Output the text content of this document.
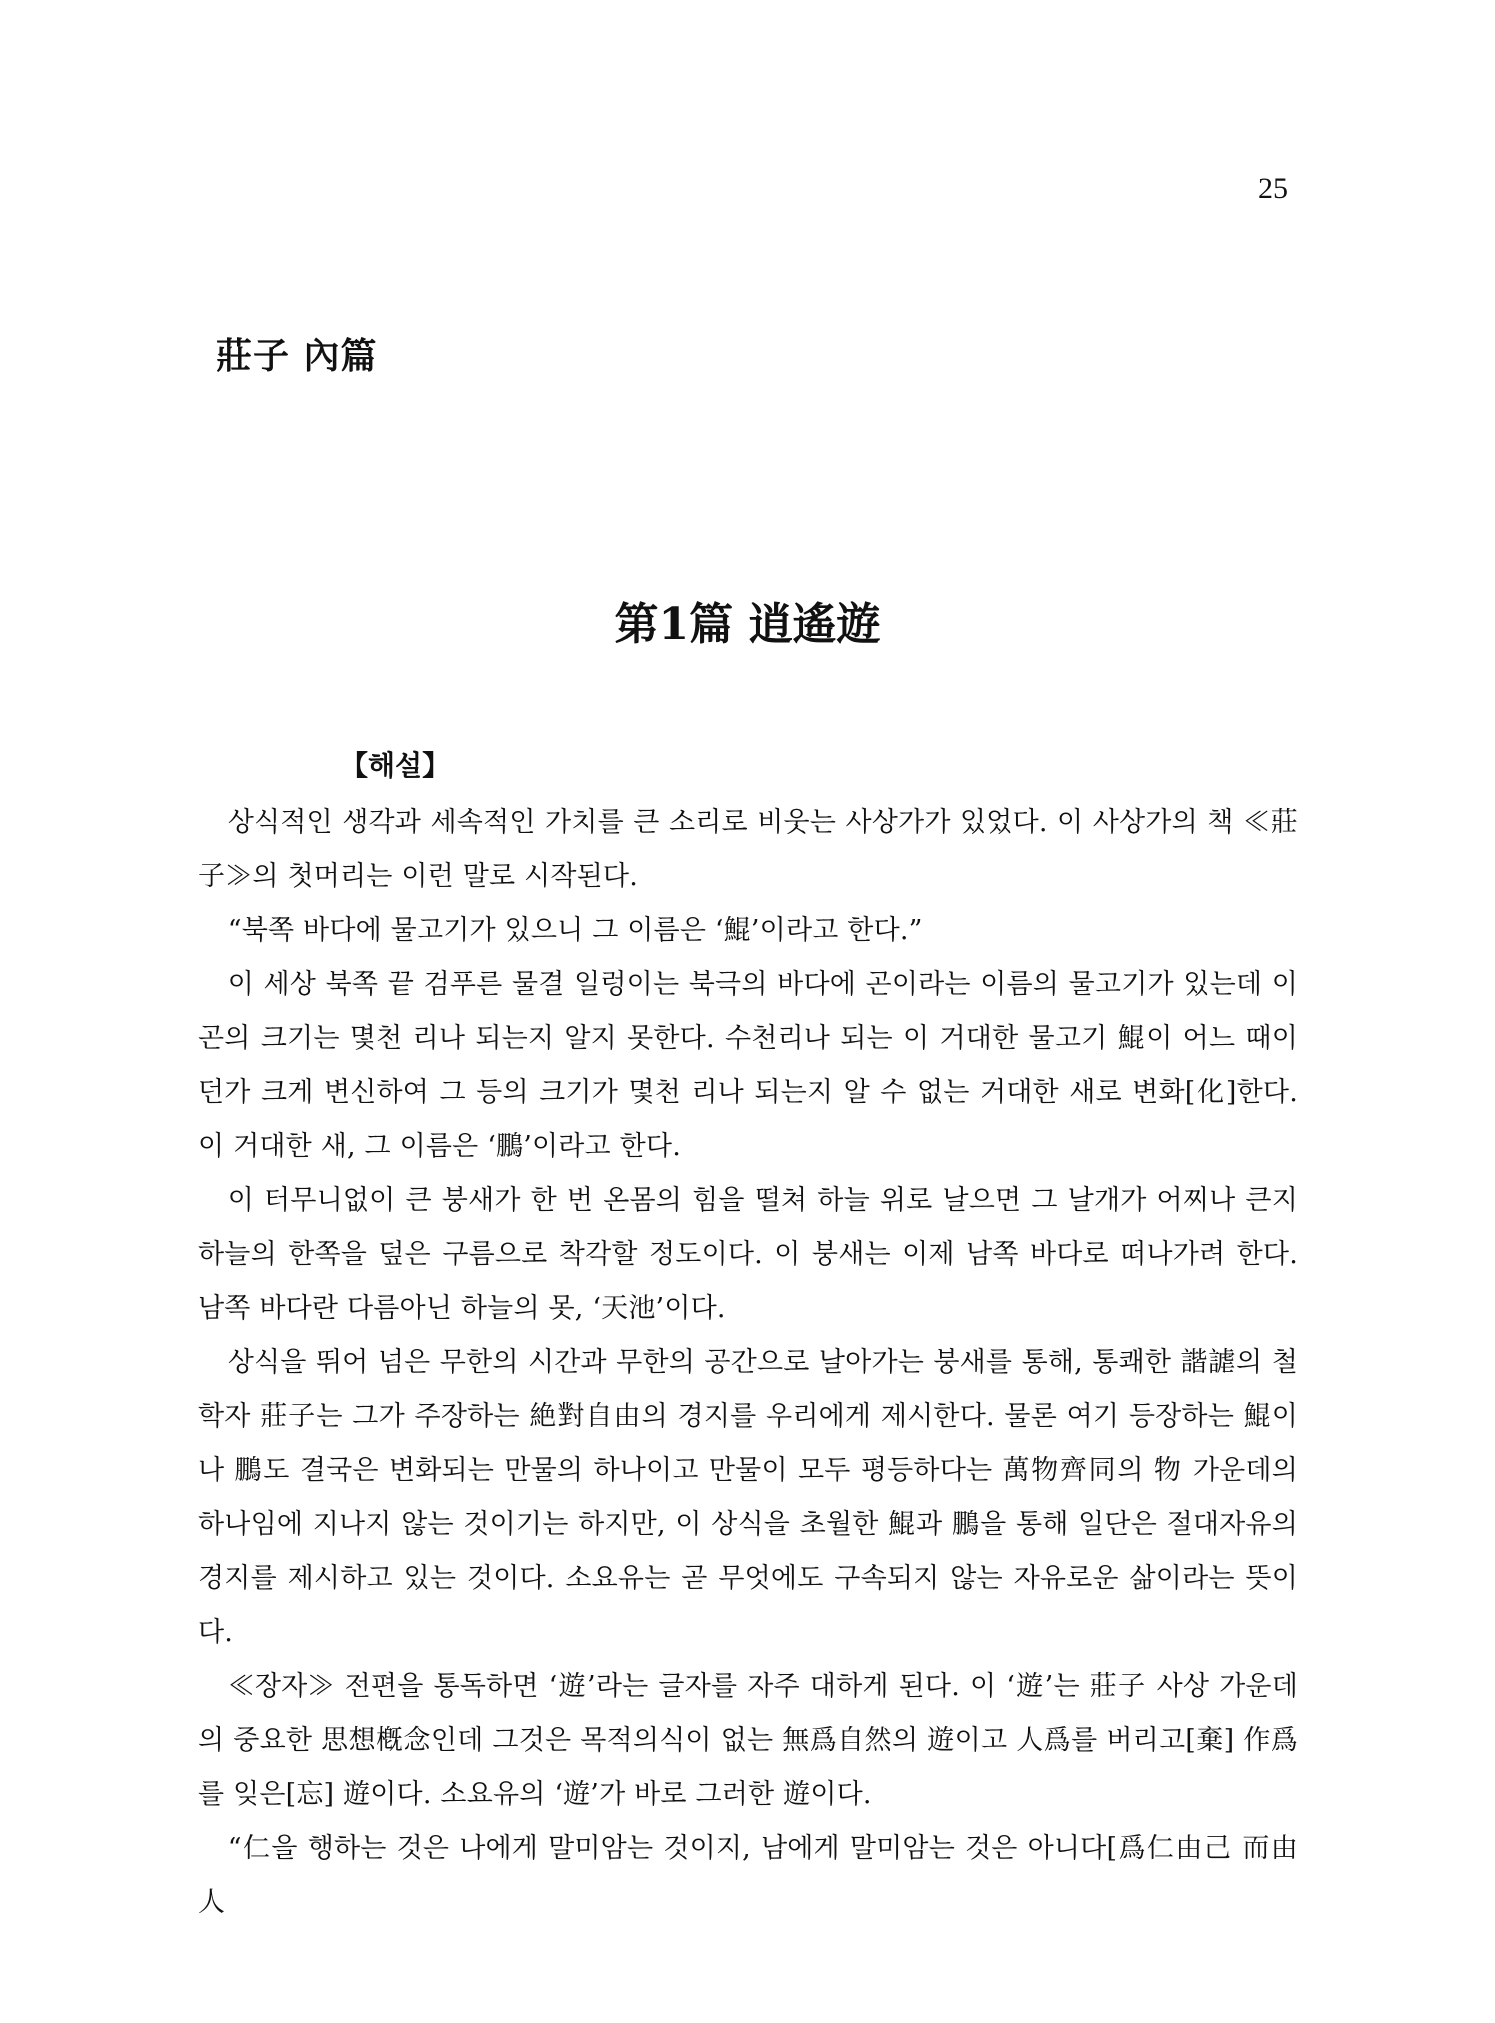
25
莊子 內篇
第1篇 逍遙遊
【해설】

상식적인 생각과 세속적인 가치를 큰 소리로 비웃는 사상가가 있었다. 이 사상가의 책 ≪莊子≫의 첫머리는 이런 말로 시작된다.

“북쪽 바다에 물고기가 있으니 그 이름은 ‘鯤’이라고 한다.”

이 세상 북쪽 끝 검푸른 물결 일렁이는 북극의 바다에 곤이라는 이름의 물고기가 있는데 이 곤의 크기는 몇천 리나 되는지 알지 못한다. 수천리나 되는 이 거대한 물고기 鯤이 어느 때이던가 크게 변신하여 그 등의 크기가 몇천 리나 되는지 알 수 없는 거대한 새로 변화[化]한다. 이 거대한 새, 그 이름은 ‘鵬’이라고 한다.

이 터무니없이 큰 붕새가 한 번 온몸의 힘을 떨쳐 하늘 위로 날으면 그 날개가 어찌나 큰지 하늘의 한쪽을 덮은 구름으로 착각할 정도이다. 이 붕새는 이제 남쪽 바다로 떠나가려 한다. 남쪽 바다란 다름아닌 하늘의 못, ‘天池’이다.

상식을 뛰어 넘은 무한의 시간과 무한의 공간으로 날아가는 붕새를 통해, 통쾌한 諧謔의 철학자 莊子는 그가 주장하는 絶對自由의 경지를 우리에게 제시한다. 물론 여기 등장하는 鯤이나 鵬도 결국은 변화되는 만물의 하나이고 만물이 모두 평등하다는 萬物齊同의 物 가운데의 하나임에 지나지 않는 것이기는 하지만, 이 상식을 초월한 鯤과 鵬을 통해 일단은 절대자유의 경지를 제시하고 있는 것이다. 소요유는 곧 무엇에도 구속되지 않는 자유로운 삶이라는 뜻이다.

≪장자≫ 전편을 통독하면 ‘遊’라는 글자를 자주 대하게 된다. 이 ‘遊’는 莊子 사상 가운데의 중요한 思想槪念인데 그것은 목적의식이 없는 無爲自然의 遊이고 人爲를 버리고[棄] 作爲를 잊은[忘] 遊이다. 소요유의 ‘遊’가 바로 그러한 遊이다.

“仁을 행하는 것은 나에게 말미암는 것이지, 남에게 말미암는 것은 아니다[爲仁由己 而由人
